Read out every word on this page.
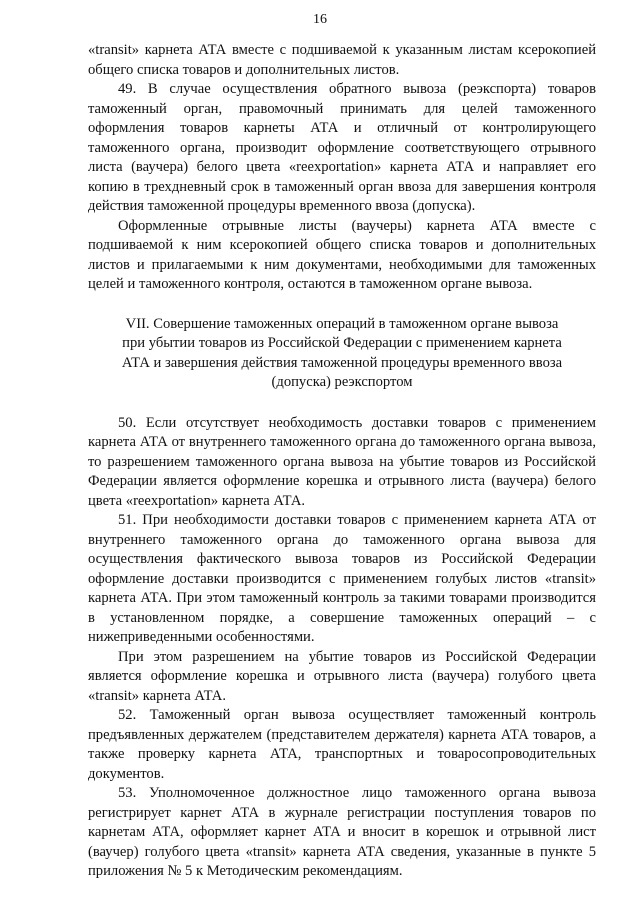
16

«transit» карнета АТА вместе с подшиваемой к указанным листам ксерокопией общего списка товаров и дополнительных листов.

49. В случае осуществления обратного вывоза (реэкспорта) товаров таможенный орган, правомочный принимать для целей таможенного оформления товаров карнеты АТА и отличный от контролирующего таможенного органа, производит оформление соответствующего отрывного листа (ваучера) белого цвета «reexportation» карнета АТА и направляет его копию в трехдневный срок в таможенный орган ввоза для завершения контроля действия таможенной процедуры временного ввоза (допуска).

Оформленные отрывные листы (ваучеры) карнета АТА вместе с подшиваемой к ним ксерокопией общего списка товаров и дополнительных листов и прилагаемыми к ним документами, необходимыми для таможенных целей и таможенного контроля, остаются в таможенном органе вывоза.

VII. Совершение таможенных операций в таможенном органе вывоза при убытии товаров из Российской Федерации с применением карнета АТА и завершения действия таможенной процедуры временного ввоза (допуска) реэкспортом

50. Если отсутствует необходимость доставки товаров с применением карнета АТА от внутреннего таможенного органа до таможенного органа вывоза, то разрешением таможенного органа вывоза на убытие товаров из Российской Федерации является оформление корешка и отрывного листа (ваучера) белого цвета «reexportation» карнета АТА.

51. При необходимости доставки товаров с применением карнета АТА от внутреннего таможенного органа до таможенного органа вывоза для осуществления фактического вывоза товаров из Российской Федерации оформление доставки производится с применением голубых листов «transit» карнета АТА. При этом таможенный контроль за такими товарами производится в установленном порядке, а совершение таможенных операций – с нижеприведенными особенностями.

При этом разрешением на убытие товаров из Российской Федерации является оформление корешка и отрывного листа (ваучера) голубого цвета «transit» карнета АТА.

52. Таможенный орган вывоза осуществляет таможенный контроль предъявленных держателем (представителем держателя) карнета АТА товаров, а также проверку карнета АТА, транспортных и товаросопроводительных документов.

53. Уполномоченное должностное лицо таможенного органа вывоза регистрирует карнет АТА в журнале регистрации поступления товаров по карнетам АТА, оформляет карнет АТА и вносит в корешок и отрывной лист (ваучер) голубого цвета «transit» карнета АТА сведения, указанные в пункте 5 приложения № 5 к Методическим рекомендациям.
